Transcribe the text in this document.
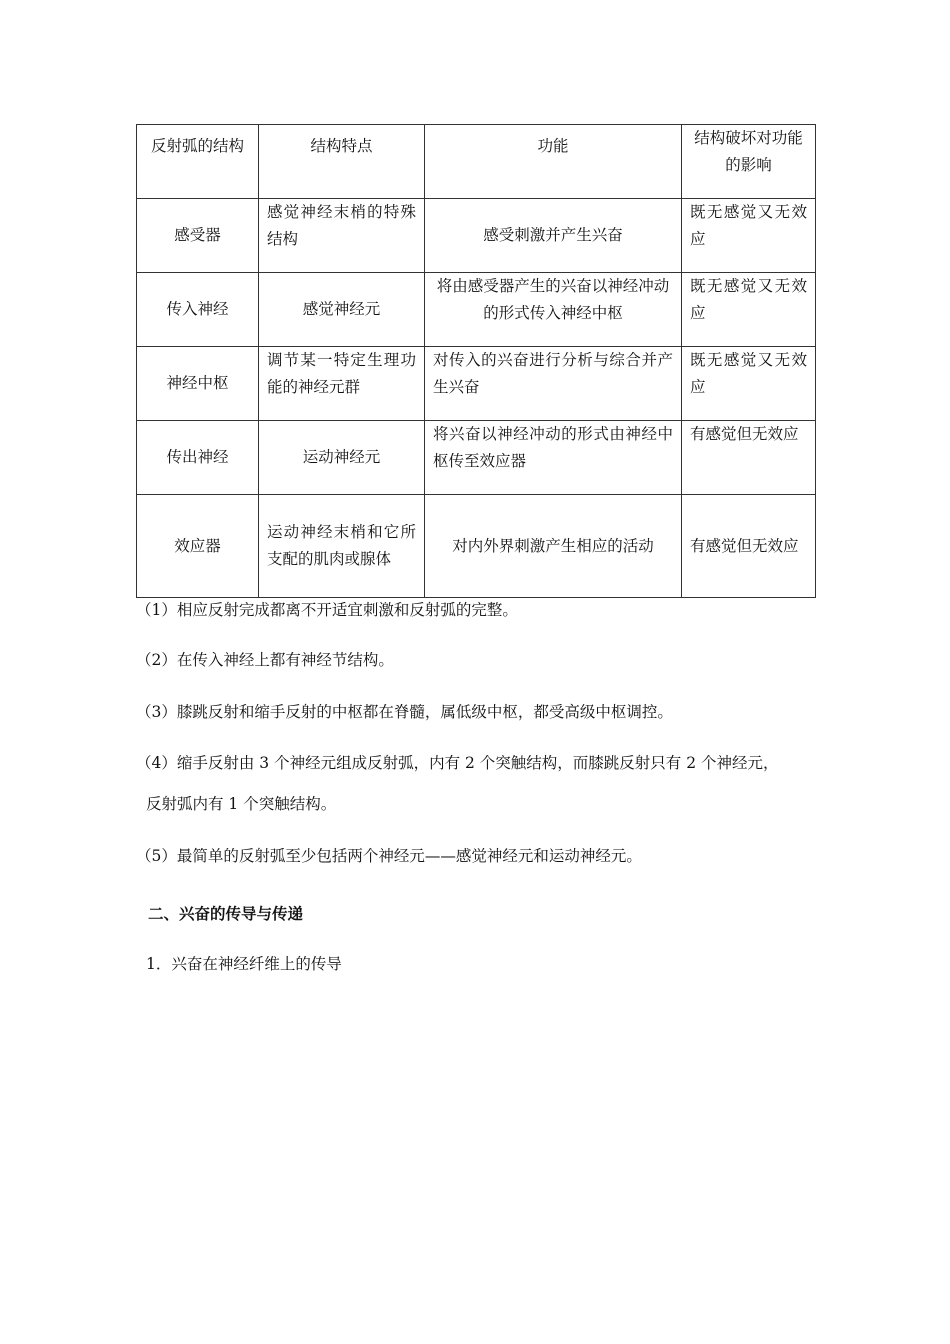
反射弧的结构	结构特点	功能	结构破坏对功能的影响

感受器	感觉神经末梢的特殊结构	感受刺激并产生兴奋	既无感觉又无效应
传入神经	感觉神经元	将由感受器产生的兴奋以神经冲动的形式传入神经中枢	既无感觉又无效应
神经中枢	调节某一特定生理功能的神经元群	对传入的兴奋进行分析与综合并产生兴奋	既无感觉又无效应
传出神经	运动神经元	将兴奋以神经冲动的形式由神经中枢传至效应器	有感觉但无效应
效应器	运动神经末梢和它所支配的肌肉或腺体	对内外界刺激产生相应的活动	有感觉但无效应

（1）相应反射完成都离不开适宜刺激和反射弧的完整。

（2）在传入神经上都有神经节结构。

（3）膝跳反射和缩手反射的中枢都在脊髓，属低级中枢，都受高级中枢调控。

（4）缩手反射由 3 个神经元组成反射弧，内有 2 个突触结构，而膝跳反射只有 2 个神经元，

反射弧内有 1 个突触结构。

（5）最简单的反射弧至少包括两个神经元——感觉神经元和运动神经元。

二、兴奋的传导与传递

1．兴奋在神经纤维上的传导
